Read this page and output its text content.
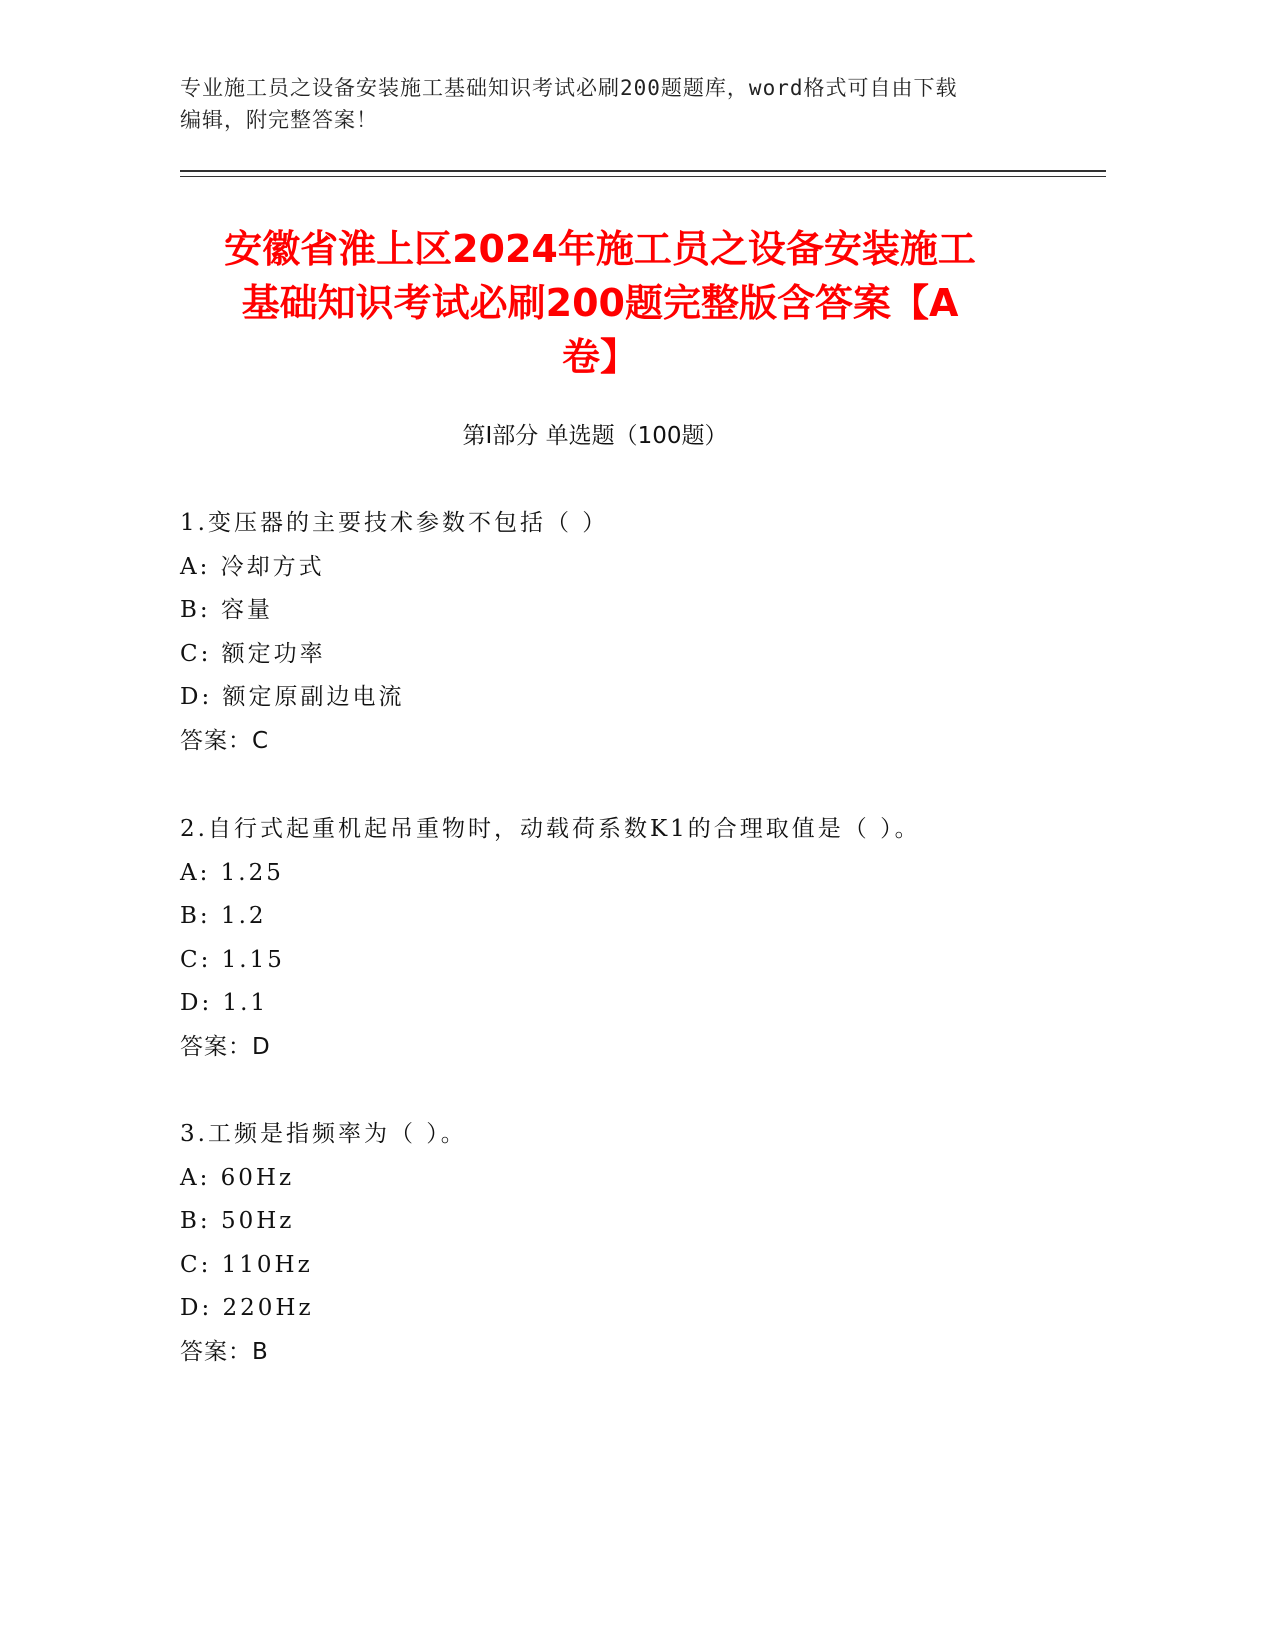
专业施工员之设备安装施工基础知识考试必刷200题题库，word格式可自由下载
编辑，附完整答案！
安徽省淮上区2024年施工员之设备安装施工
基础知识考试必刷200题完整版含答案【A
卷】
第Ⅰ部分 单选题（100题）
1.变压器的主要技术参数不包括（ ）
A: 冷却方式
B: 容量
C: 额定功率
D: 额定原副边电流
答案：C
2.自行式起重机起吊重物时，动载荷系数K1的合理取值是（ ）。
A: 1.25
B: 1.2
C: 1.15
D: 1.1
答案：D
3.工频是指频率为（ ）。
A: 60Hz
B: 50Hz
C: 110Hz
D: 220Hz
答案：B
